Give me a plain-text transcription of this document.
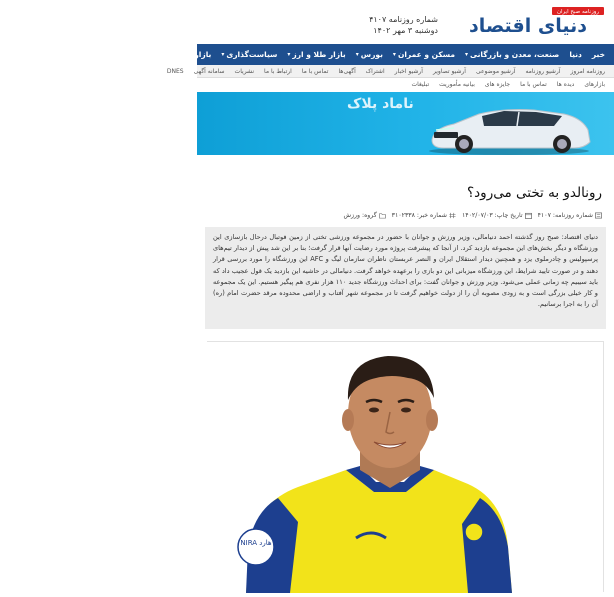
روزنامه صبح ایران
دنیای اقتصاد
شماره روزنامه ۴۱۰۷
دوشنبه ۳ مهر ۱۴۰۲
خبر
دنیا
صنعت، معدن و بازرگانی
▾
مسکن و عمران
▾
بورس
▾
بازار طلا و ارز
▾
سیاست‌گذاری
▾
بازار پول و ارز
خودرو
بازار دیجیتال
باشگاه اقتصاد
روزنامه امروز
آرشیو روزنامه
آرشیو موضوعی
آرشیو تصاویر
آرشیو اخبار
اشتراک
آگهی‌ها
تماس با ما
ارتباط با ما
نشریات
سامانه آگهی
DNES
بازارهای
دیده ها
تماس با ما
جایزه های
بیانیه مأموریت
تبلیغات
ناماد پلاک
رونالدو به تختی می‌رود؟
شماره روزنامه: ۴۱۰۷
تاریخ چاپ: ۱۴۰۲/۰۷/۰۳
شماره خبر: ۳۱۰۲۳۳۸
گروه: ورزش
دنیای اقتصاد: صبح روز گذشته احمد دنیامالی، وزیر ورزش و جوانان با حضور در مجموعه ورزشی تختی از زمین فوتبال درحال بازسازی این ورزشگاه و دیگر بخش‌های این مجموعه بازدید کرد. از آنجا که پیشرفت پروژه مورد رضایت آنها قرار گرفت؛ بنا بر این شد پیش از دیدار تیم‌های پرسپولیس و چادرملوی یزد و همچنین دیدار استقلال ایران و النصر عربستان ناظران سازمان لیگ و AFC این ورزشگاه را مورد بررسی قرار دهند و در صورت تایید شرایط، این ورزشگاه میزبانی این دو بازی را برعهده خواهد گرفت. دنیامالی در حاشیه این بازدید یک قول عجیب داد که باید سیبیم چه زمانی عملی می‌شود. وزیر ورزش و جوانان گفت: برای احداث ورزشگاه جدید ۱۱۰ هزار نفری هم پیگیر هستیم. این یک مجموعه و کار خیلی بزرگی است و به زودی مصوبه آن را از دولت خواهیم گرفت تا در مجموعه شهر آفتاب و اراضی محدوده مرقد حضرت امام (ره) آن را به اجرا برسانیم.
هارد NIRA
